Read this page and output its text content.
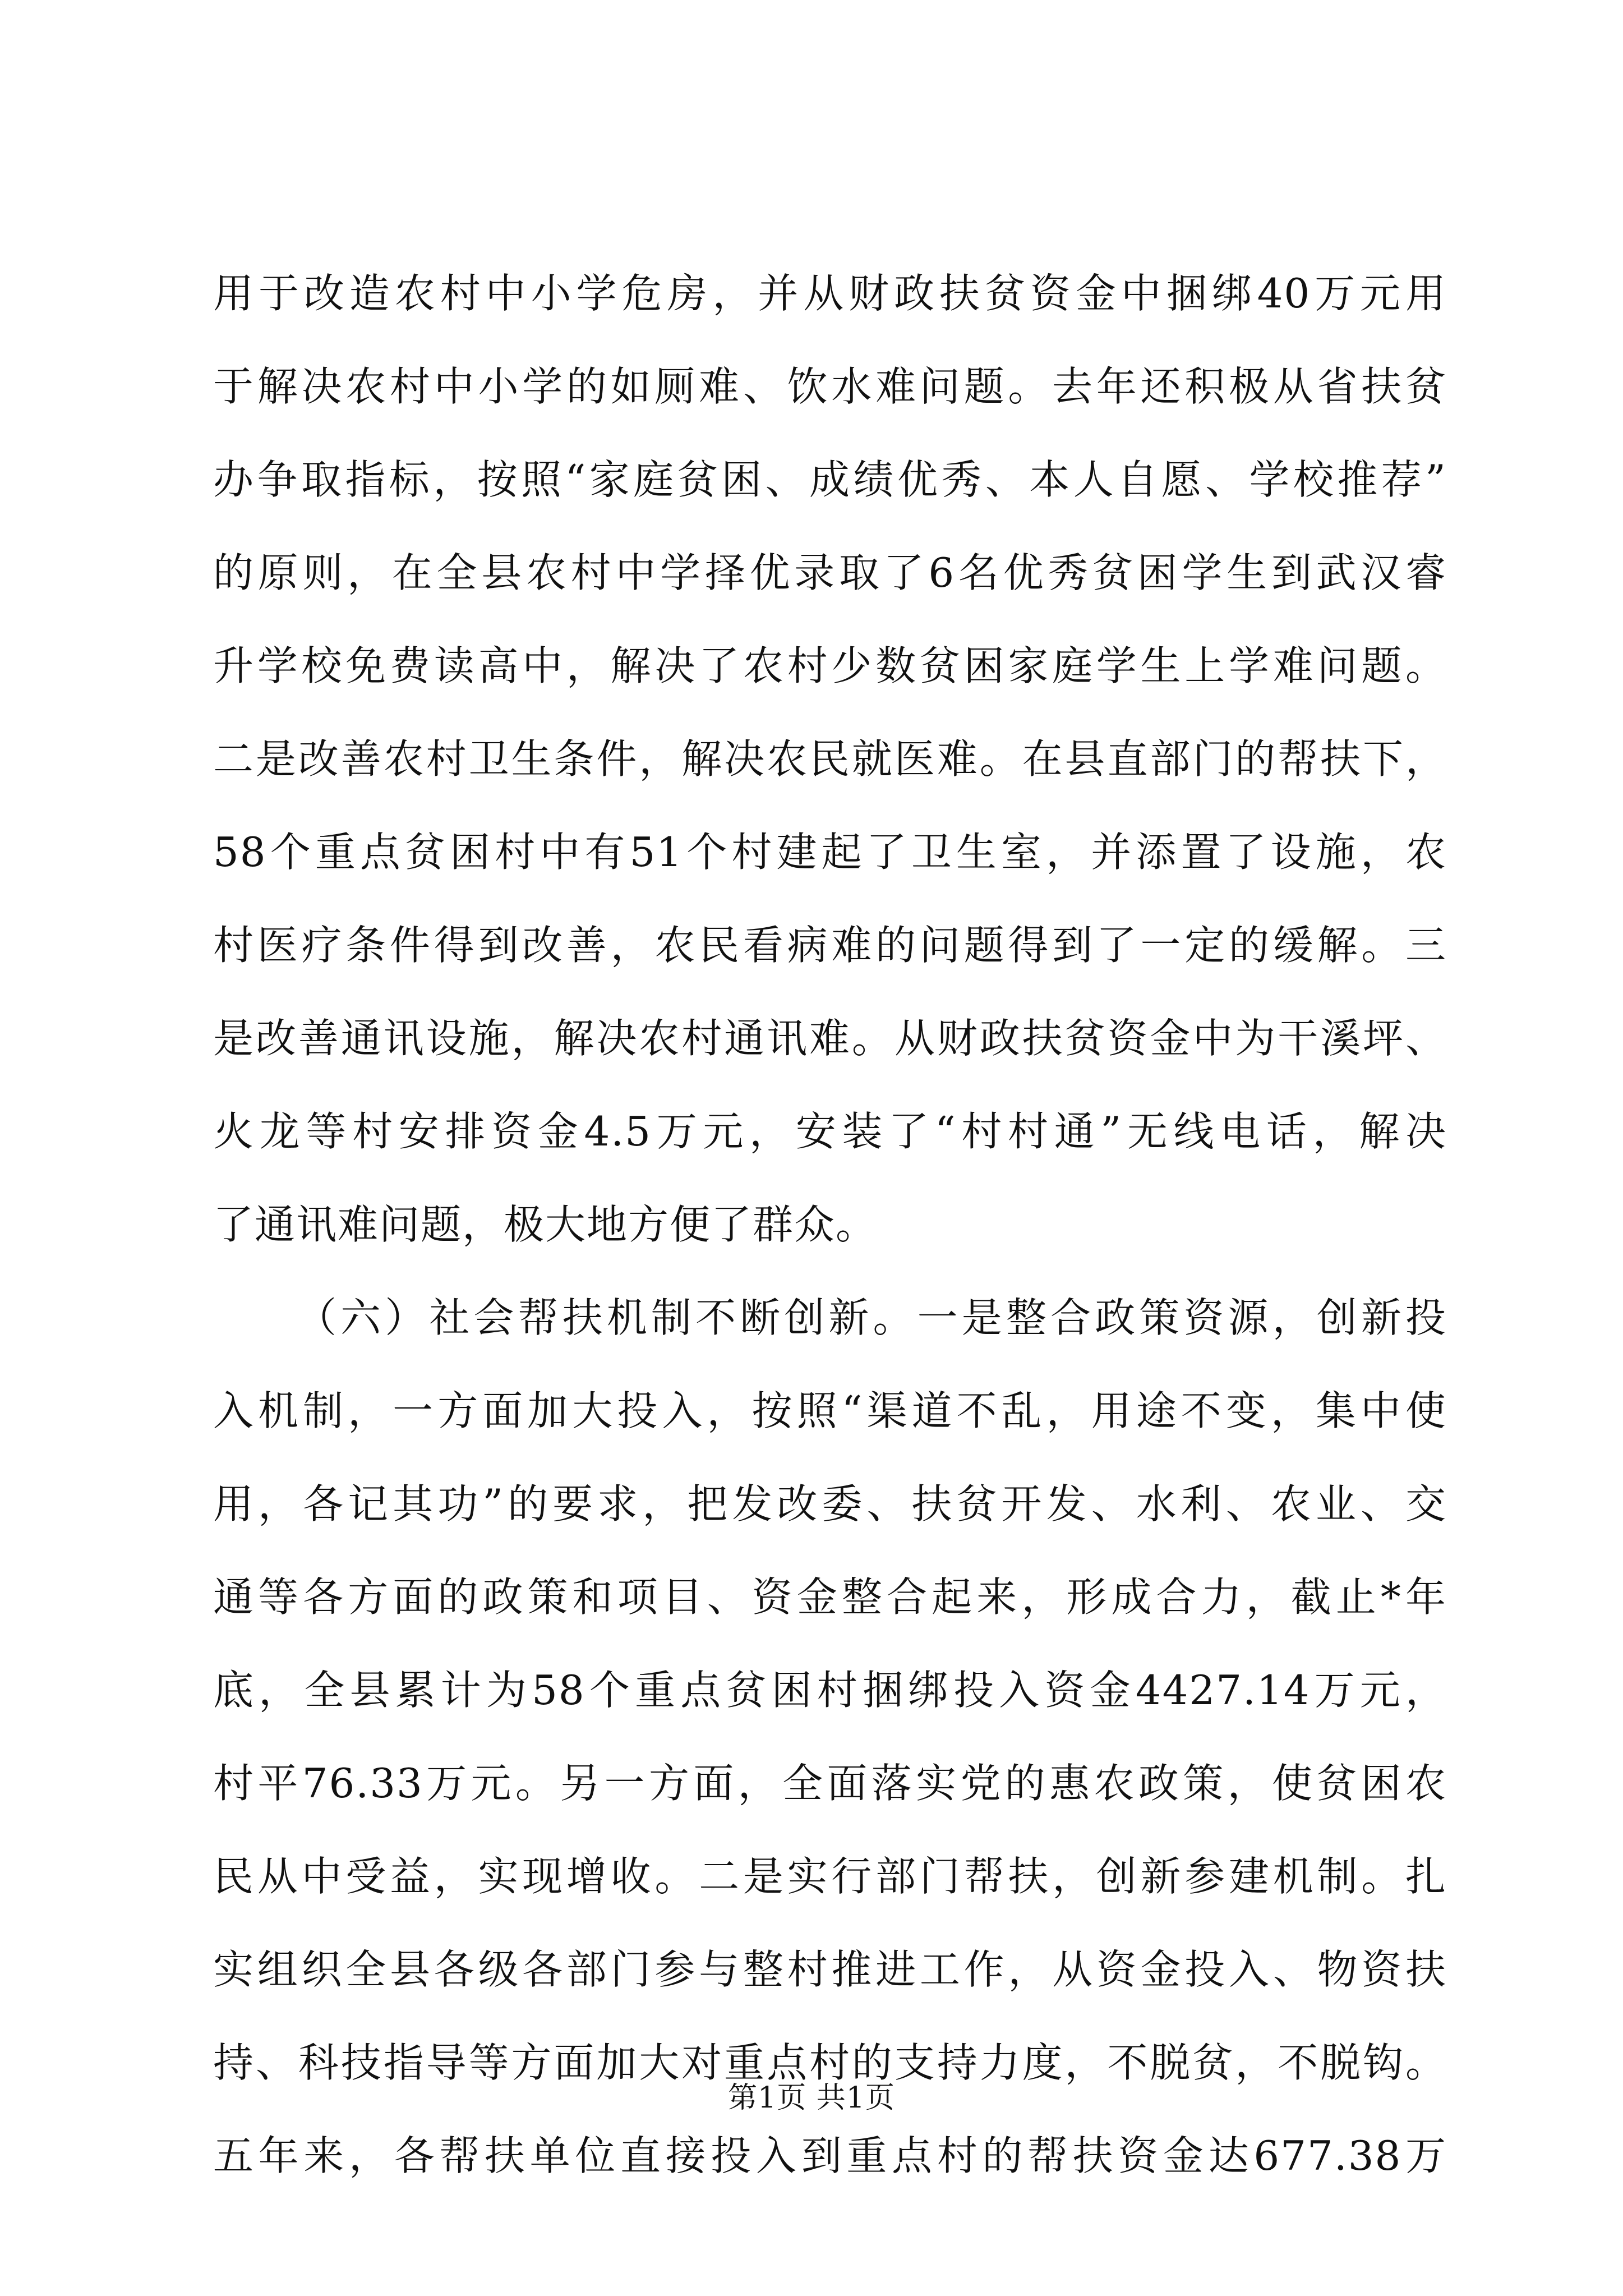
用于改造农村中小学危房，并从财政扶贫资金中捆绑40万元用
于解决农村中小学的如厕难、饮水难问题。去年还积极从省扶贫
办争取指标，按照“家庭贫困、成绩优秀、本人自愿、学校推荐”
的原则，在全县农村中学择优录取了6名优秀贫困学生到武汉睿
升学校免费读高中，解决了农村少数贫困家庭学生上学难问题。
二是改善农村卫生条件，解决农民就医难。在县直部门的帮扶下，
58个重点贫困村中有51个村建起了卫生室，并添置了设施，农
村医疗条件得到改善，农民看病难的问题得到了一定的缓解。三
是改善通讯设施，解决农村通讯难。从财政扶贫资金中为干溪坪、
火龙等村安排资金4.5万元，安装了“村村通”无线电话，解决
了通讯难问题，极大地方便了群众。
（六）社会帮扶机制不断创新。一是整合政策资源，创新投
入机制，一方面加大投入，按照“渠道不乱，用途不变，集中使
用，各记其功”的要求，把发改委、扶贫开发、水利、农业、交
通等各方面的政策和项目、资金整合起来，形成合力，截止*年
底，全县累计为58个重点贫困村捆绑投入资金4427.14万元，
村平76.33万元。另一方面，全面落实党的惠农政策，使贫困农
民从中受益，实现增收。二是实行部门帮扶，创新参建机制。扎
实组织全县各级各部门参与整村推进工作，从资金投入、物资扶
持、科技指导等方面加大对重点村的支持力度，不脱贫，不脱钩。
五年来，各帮扶单位直接投入到重点村的帮扶资金达677.38万
第1页 共1页
